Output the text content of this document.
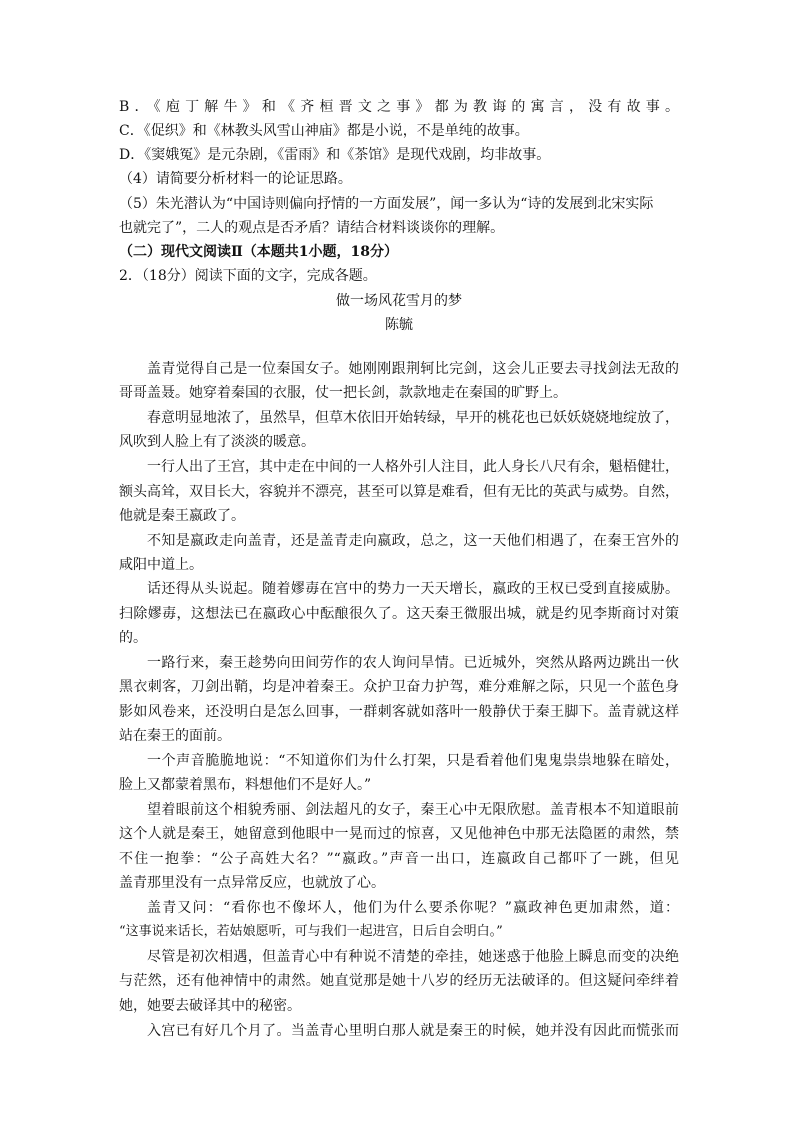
B．《庖丁解牛》和《齐桓晋文之事》都为教诲的寓言，没有故事。
C．《促织》和《林教头风雪山神庙》都是小说，不是单纯的故事。
D．《窦娥冤》是元杂剧，《雷雨》和《茶馆》是现代戏剧，均非故事。
（4）请简要分析材料一的论证思路。
（5）朱光潜认为“中国诗则偏向抒情的一方面发展”，闻一多认为“诗的发展到北宋实际
也就完了”，二人的观点是否矛盾？请结合材料谈谈你的理解。
（二）现代文阅读Ⅱ（本题共1小题，18分）
2．（18分）阅读下面的文字，完成各题。
做一场风花雪月的梦
陈毓
盖青觉得自己是一位秦国女子。她刚刚跟荆轲比完剑，这会儿正要去寻找剑法无敌的
哥哥盖聂。她穿着秦国的衣服，仗一把长剑，款款地走在秦国的旷野上。
春意明显地浓了，虽然旱，但草木依旧开始转绿，早开的桃花也已妖妖娆娆地绽放了，
风吹到人脸上有了淡淡的暖意。
一行人出了王宫，其中走在中间的一人格外引人注目，此人身长八尺有余，魁梧健壮，
额头高耸，双目长大，容貌并不漂亮，甚至可以算是难看，但有无比的英武与威势。自然，
他就是秦王嬴政了。
不知是嬴政走向盖青，还是盖青走向嬴政，总之，这一天他们相遇了，在秦王宫外的
咸阳中道上。
话还得从头说起。随着嫪毐在宫中的势力一天天增长，嬴政的王权已受到直接威胁。
扫除嫪毐，这想法已在嬴政心中酝酿很久了。这天秦王微服出城，就是约见李斯商讨对策
的。
一路行来，秦王趁势向田间劳作的农人询问旱情。已近城外，突然从路两边跳出一伙
黑衣刺客，刀剑出鞘，均是冲着秦王。众护卫奋力护驾，难分难解之际，只见一个蓝色身
影如风卷来，还没明白是怎么回事，一群刺客就如落叶一般静伏于秦王脚下。盖青就这样
站在秦王的面前。
一个声音脆脆地说：“不知道你们为什么打架，只是看着他们鬼鬼祟祟地躲在暗处，
脸上又都蒙着黑布，料想他们不是好人。”
望着眼前这个相貌秀丽、剑法超凡的女子，秦王心中无限欣慰。盖青根本不知道眼前
这个人就是秦王，她留意到他眼中一晃而过的惊喜，又见他神色中那无法隐匿的肃然，禁
不住一抱拳：“公子高姓大名？”“嬴政。”声音一出口，连嬴政自己都吓了一跳，但见
盖青那里没有一点异常反应，也就放了心。
盖青又问：“看你也不像坏人，他们为什么要杀你呢？”嬴政神色更加肃然，道：
“这事说来话长，若姑娘愿听，可与我们一起进宫，日后自会明白。”
尽管是初次相遇，但盖青心中有种说不清楚的牵挂，她迷惑于他脸上瞬息而变的决绝
与茫然，还有他神情中的肃然。她直觉那是她十八岁的经历无法破译的。但这疑问牵绊着
她，她要去破译其中的秘密。
入宫已有好几个月了。当盖青心里明白那人就是秦王的时候，她并没有因此而慌张而
